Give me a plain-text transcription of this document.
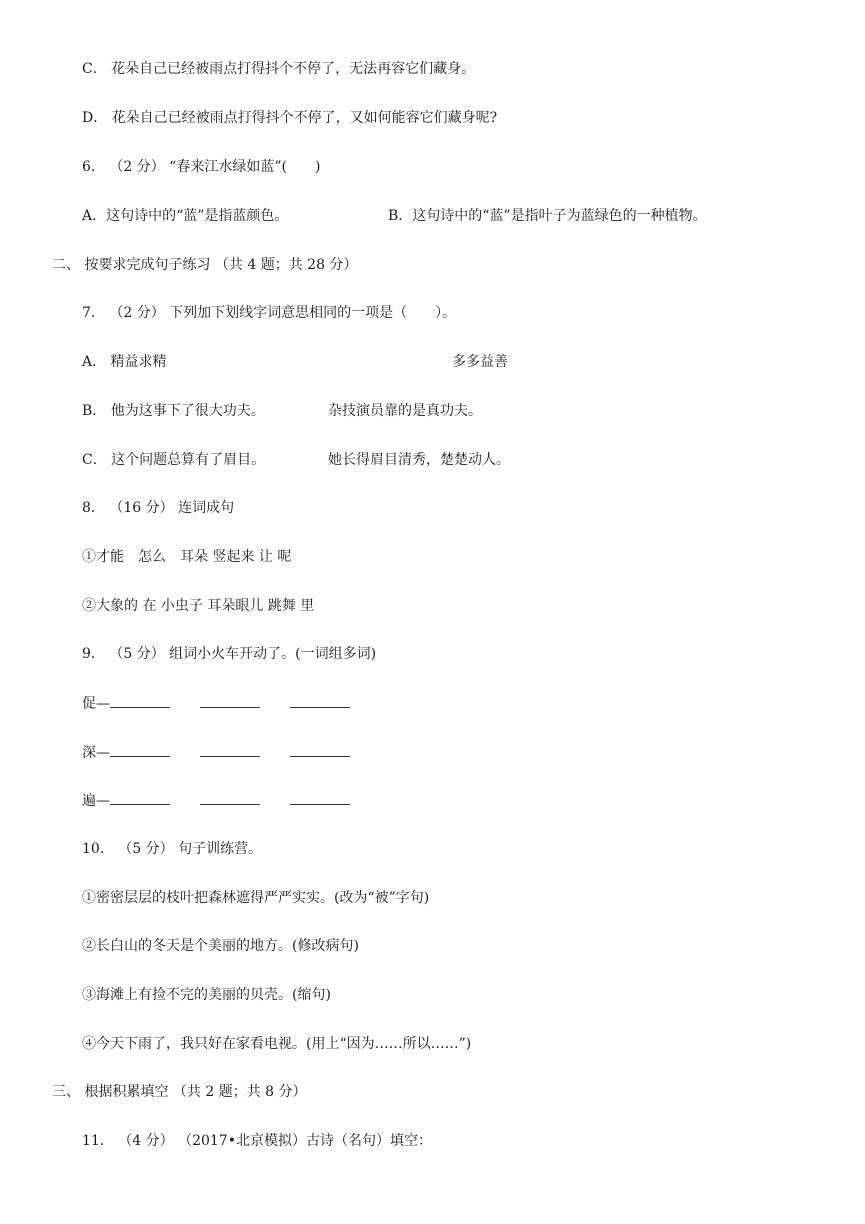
C． 花朵自己已经被雨点打得抖个不停了，无法再容它们藏身。
D． 花朵自己已经被雨点打得抖个不停了，又如何能容它们藏身呢?
6． （2 分） “春来江水绿如蓝”(　　)
A．这句诗中的“蓝”是指蓝颜色。	B．这句诗中的“蓝”是指叶子为蓝绿色的一种植物。
二、 按要求完成句子练习 （共 4 题；共 28 分）
7． （2 分） 下列加下划线字词意思相同的一项是（　　）。
A． 精益求精	多多益善
B． 他为这事下了很大功夫。	杂技演员靠的是真功夫。
C． 这个问题总算有了眉目。	她长得眉目清秀，楚楚动人。
8． （16 分） 连词成句
①才能　怎么　耳朵 竖起来 让 呢
②大象的 在 小虫子 耳朵眼儿 跳舞 里
9． （5 分） 组词小火车开动了。(一词组多词)
促—
深—
遍—
10． （5 分） 句子训练营。
①密密层层的枝叶把森林遮得严严实实。(改为“被”字句)
②长白山的冬天是个美丽的地方。(修改病句)
③海滩上有捡不完的美丽的贝壳。(缩句)
④今天下雨了，我只好在家看电视。(用上“因为……所以……”)
三、 根据积累填空 （共 2 题；共 8 分）
11． （4 分） （2017•北京模拟）古诗（名句）填空：
